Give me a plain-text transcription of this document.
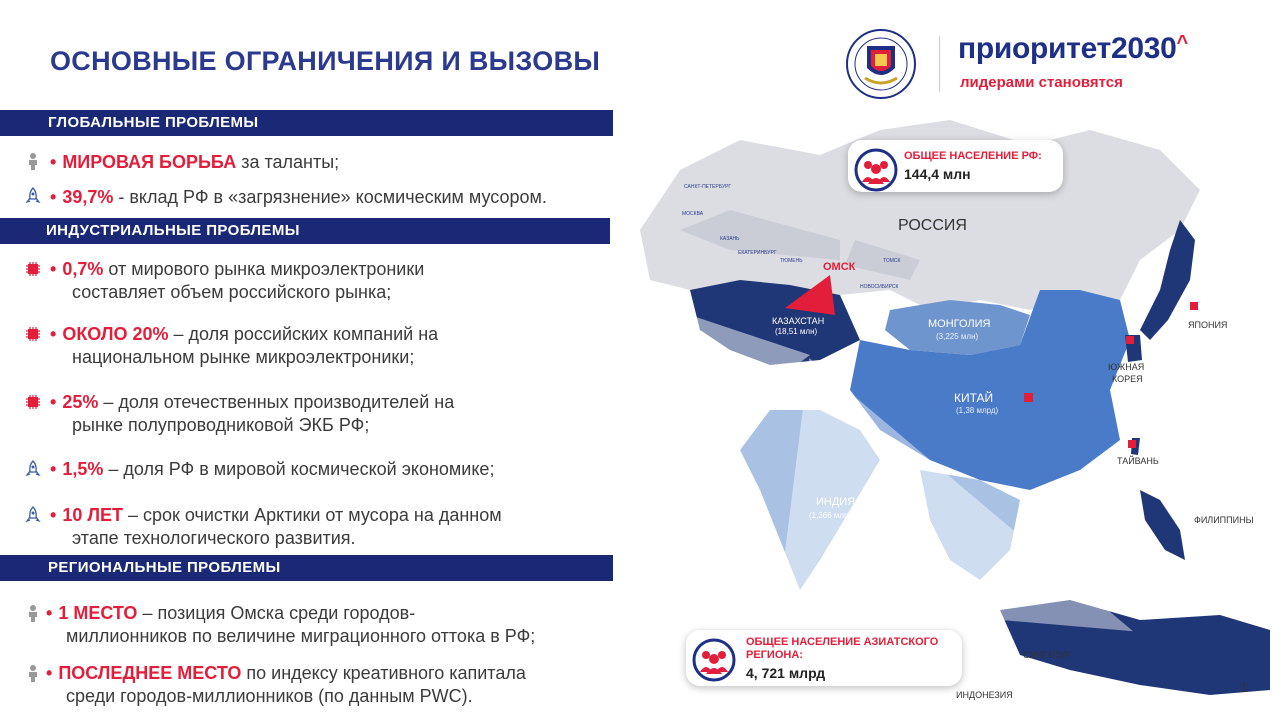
ОСНОВНЫЕ ОГРАНИЧЕНИЯ И ВЫЗОВЫ	приоритет2030^
лидерами становятся
ГЛОБАЛЬНЫЕ ПРОБЛЕМЫ
• МИРОВАЯ БОРЬБА за таланты;
• 39,7% - вклад РФ в «загрязнение» космическим мусором.
ИНДУСТРИАЛЬНЫЕ ПРОБЛЕМЫ
• 0,7% от мирового рынка микроэлектроники
составляет объем российского рынка;
• ОКОЛО 20% – доля российских компаний на
национальном рынке микроэлектроники;
• 25% – доля отечественных производителей на
рынке полупроводниковой ЭКБ РФ;
• 1,5% – доля РФ в мировой космической экономике;
• 10 ЛЕТ – срок очистки Арктики от мусора на данном
этапе технологического развития.
РЕГИОНАЛЬНЫЕ ПРОБЛЕМЫ
• 1 МЕСТО – позиция Омска среди городов-
миллионников по величине миграционного оттока в РФ;
• ПОСЛЕДНЕЕ МЕСТО по индексу креативного капитала
среди городов-миллионников (по данным PWC).
РОССИЯ
ОМСК
МОНГОЛИЯ
(3,225 млн)
КИТАЙ
(1,38 млрд)
КАЗАХСТАН
(18,51 млн)
ИНДИЯ
(1,366 млрд)
ЯПОНИЯ
ЮЖНАЯ
КОРЕЯ
ТАЙВАНЬ
ФИЛИППИНЫ
СИНГАПУР
ИНДОНЕЗИЯ
САНКТ-ПЕТЕРБУРГ
МОСКВА
КАЗАНЬ
ЕКАТЕРИНБУРГ
ТЮМЕНЬ	ТОМСК
НОВОСИБИРСК
ОБЩЕЕ НАСЕЛЕНИЕ РФ:
144,4 млн
ОБЩЕЕ НАСЕЛЕНИЕ АЗИАТСКОГО
РЕГИОНА:
4, 721 млрд
1
